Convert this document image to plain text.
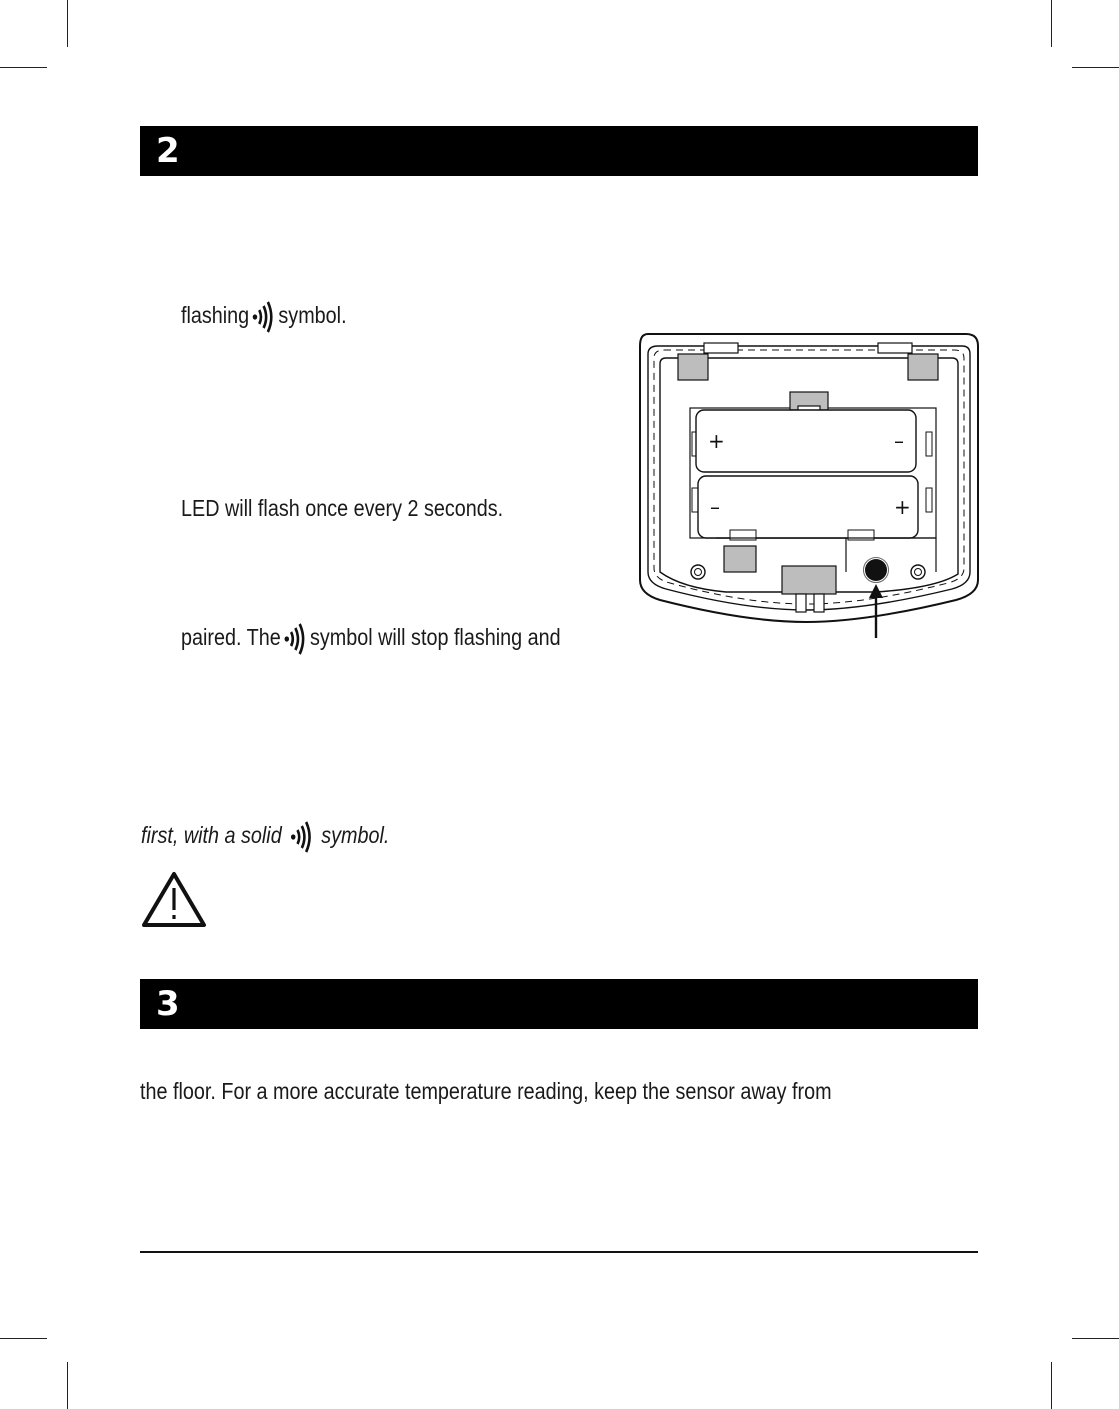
2
flashing symbol.
LED will flash once every 2 seconds.
paired. The symbol will stop flashing and
first, with a solid symbol.
3
the floor. For a more accurate temperature reading, keep the sensor away from
+	–
–	+
